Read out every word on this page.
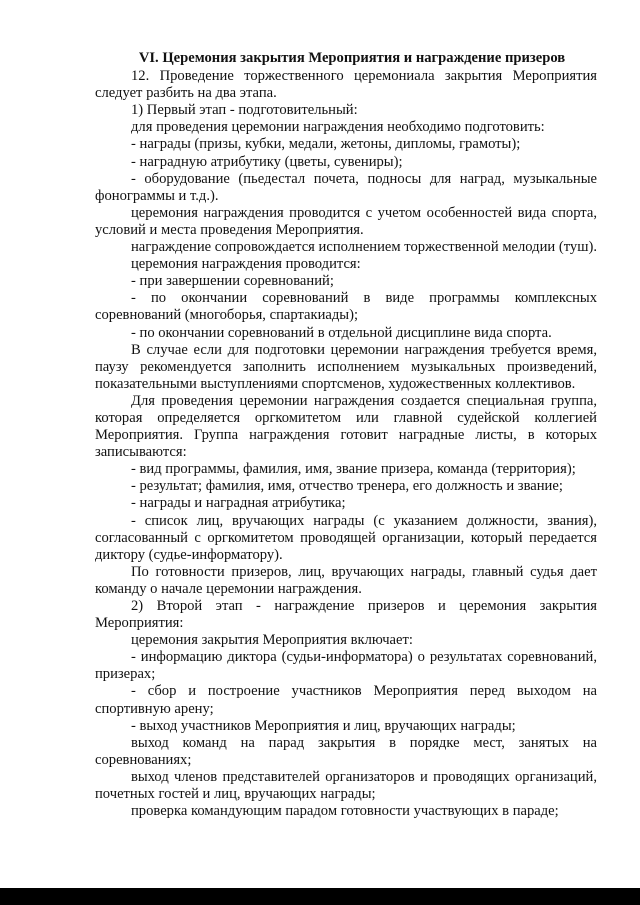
VI. Церемония закрытия Мероприятия и награждение призеров

12. Проведение торжественного церемониала закрытия Мероприятия следует разбить на два этапа.

1) Первый этап - подготовительный:

для проведения церемонии награждения необходимо подготовить:

- награды (призы, кубки, медали, жетоны, дипломы, грамоты);

- наградную атрибутику (цветы, сувениры);

- оборудование (пьедестал почета, подносы для наград, музыкальные фонограммы и т.д.).

церемония награждения проводится с учетом особенностей вида спорта, условий и места проведения Мероприятия.

награждение сопровождается исполнением торжественной мелодии (туш).

церемония награждения проводится:

- при завершении соревнований;

- по окончании соревнований в виде программы комплексных соревнований (многоборья, спартакиады);

- по окончании соревнований в отдельной дисциплине вида спорта.

В случае если для подготовки церемонии награждения требуется время, паузу рекомендуется заполнить исполнением музыкальных произведений, показательными выступлениями спортсменов, художественных коллективов.

Для проведения церемонии награждения создается специальная группа, которая определяется оргкомитетом или главной судейской коллегией Мероприятия. Группа награждения готовит наградные листы, в которых записываются:

- вид программы, фамилия, имя, звание призера, команда (территория);

- результат; фамилия, имя, отчество тренера, его должность и звание;

- награды и наградная атрибутика;

- список лиц, вручающих награды (с указанием должности, звания), согласованный с оргкомитетом проводящей организации, который передается диктору (судье-информатору).

По готовности призеров, лиц, вручающих награды, главный судья дает команду о начале церемонии награждения.

2) Второй этап - награждение призеров и церемония закрытия Мероприятия:

церемония закрытия Мероприятия включает:

- информацию диктора (судьи-информатора) о результатах соревнований, призерах;

- сбор и построение участников Мероприятия перед выходом на спортивную арену;

- выход участников Мероприятия и лиц, вручающих награды;

выход команд на парад закрытия в порядке мест, занятых на соревнованиях;

выход членов представителей организаторов и проводящих организаций, почетных гостей и лиц, вручающих награды;

проверка командующим парадом готовности участвующих в параде;
